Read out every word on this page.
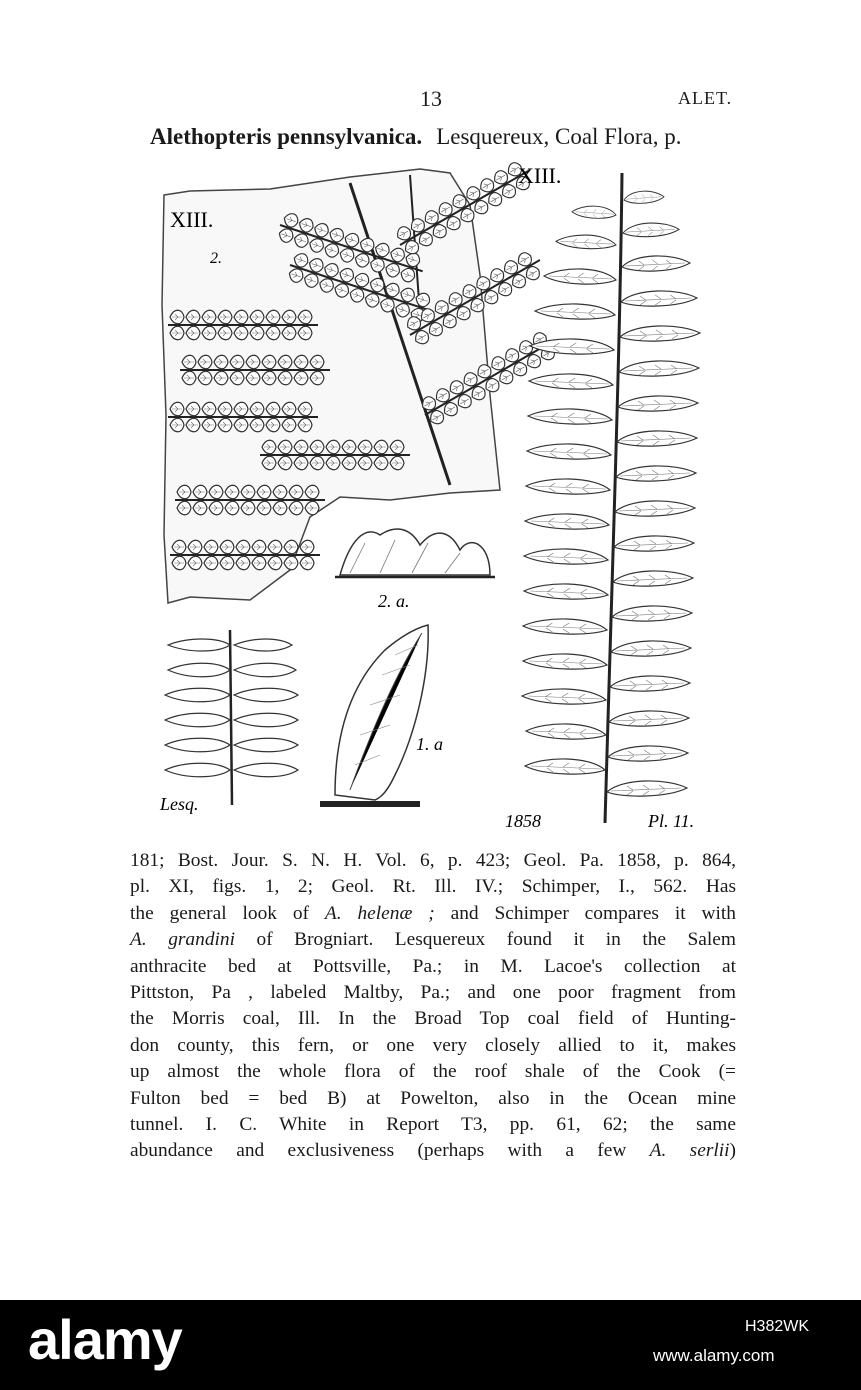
13	ALET.
Alethopteris pennsylvanica. Lesquereux, Coal Flora, p.
XIII.
2.
2. a.
Lesq.
1. a
XIII.
1858	Pl. 11.
181; Bost. Jour. S. N. H. Vol. 6, p. 423; Geol. Pa. 1858, p. 864,
pl. XI, figs. 1, 2; Geol. Rt. Ill. IV.; Schimper, I., 562. Has
the general look of A. helenæ ; and Schimper compares it with
A. grandini of Brogniart. Lesquereux found it in the Salem
anthracite bed at Pottsville, Pa.; in M. Lacoe's collection at
Pittston, Pa , labeled Maltby, Pa.; and one poor fragment from
the Morris coal, Ill. In the Broad Top coal field of Hunting-
don county, this fern, or one very closely allied to it, makes
up almost the whole flora of the roof shale of the Cook (=
Fulton bed = bed B) at Powelton, also in the Ocean mine
tunnel. I. C. White in Report T3, pp. 61, 62; the same
abundance and exclusiveness (perhaps with a few A. serlii)
alamy	H382WK
www.alamy.com
